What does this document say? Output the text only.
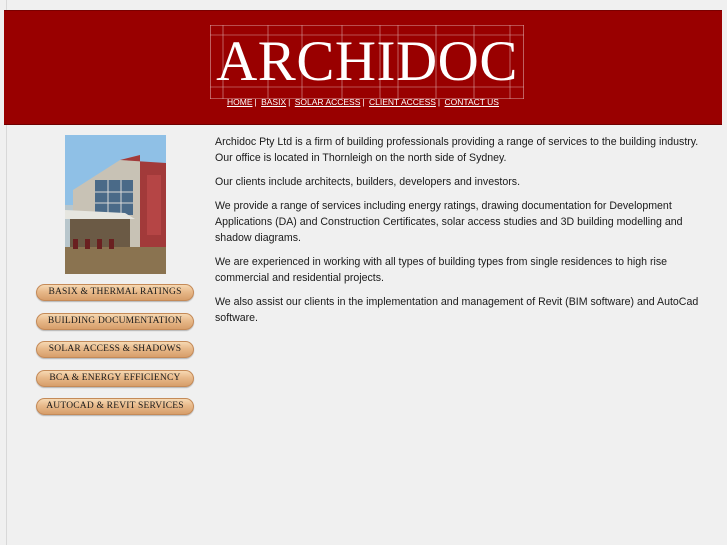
ARCHIDOC
HOME | BASIX | SOLAR ACCESS | CLIENT ACCESS | CONTACT US
BASIX & THERMAL RATINGS
BUILDING DOCUMENTATION
SOLAR ACCESS & SHADOWS
BCA & ENERGY EFFICIENCY
AUTOCAD & REVIT SERVICES

Archidoc Pty Ltd is a firm of building professionals providing a range of services to the building industry. Our office is located in Thornleigh on the north side of Sydney.

Our clients include architects, builders, developers and investors.

We provide a range of services including energy ratings, drawing documentation for Development Applications (DA) and Construction Certificates, solar access studies and 3D building modelling and shadow diagrams.

We are experienced in working with all types of building types from single residences to high rise commercial and residential projects.

We also assist our clients in the implementation and management of Revit (BIM software) and AutoCad software.
